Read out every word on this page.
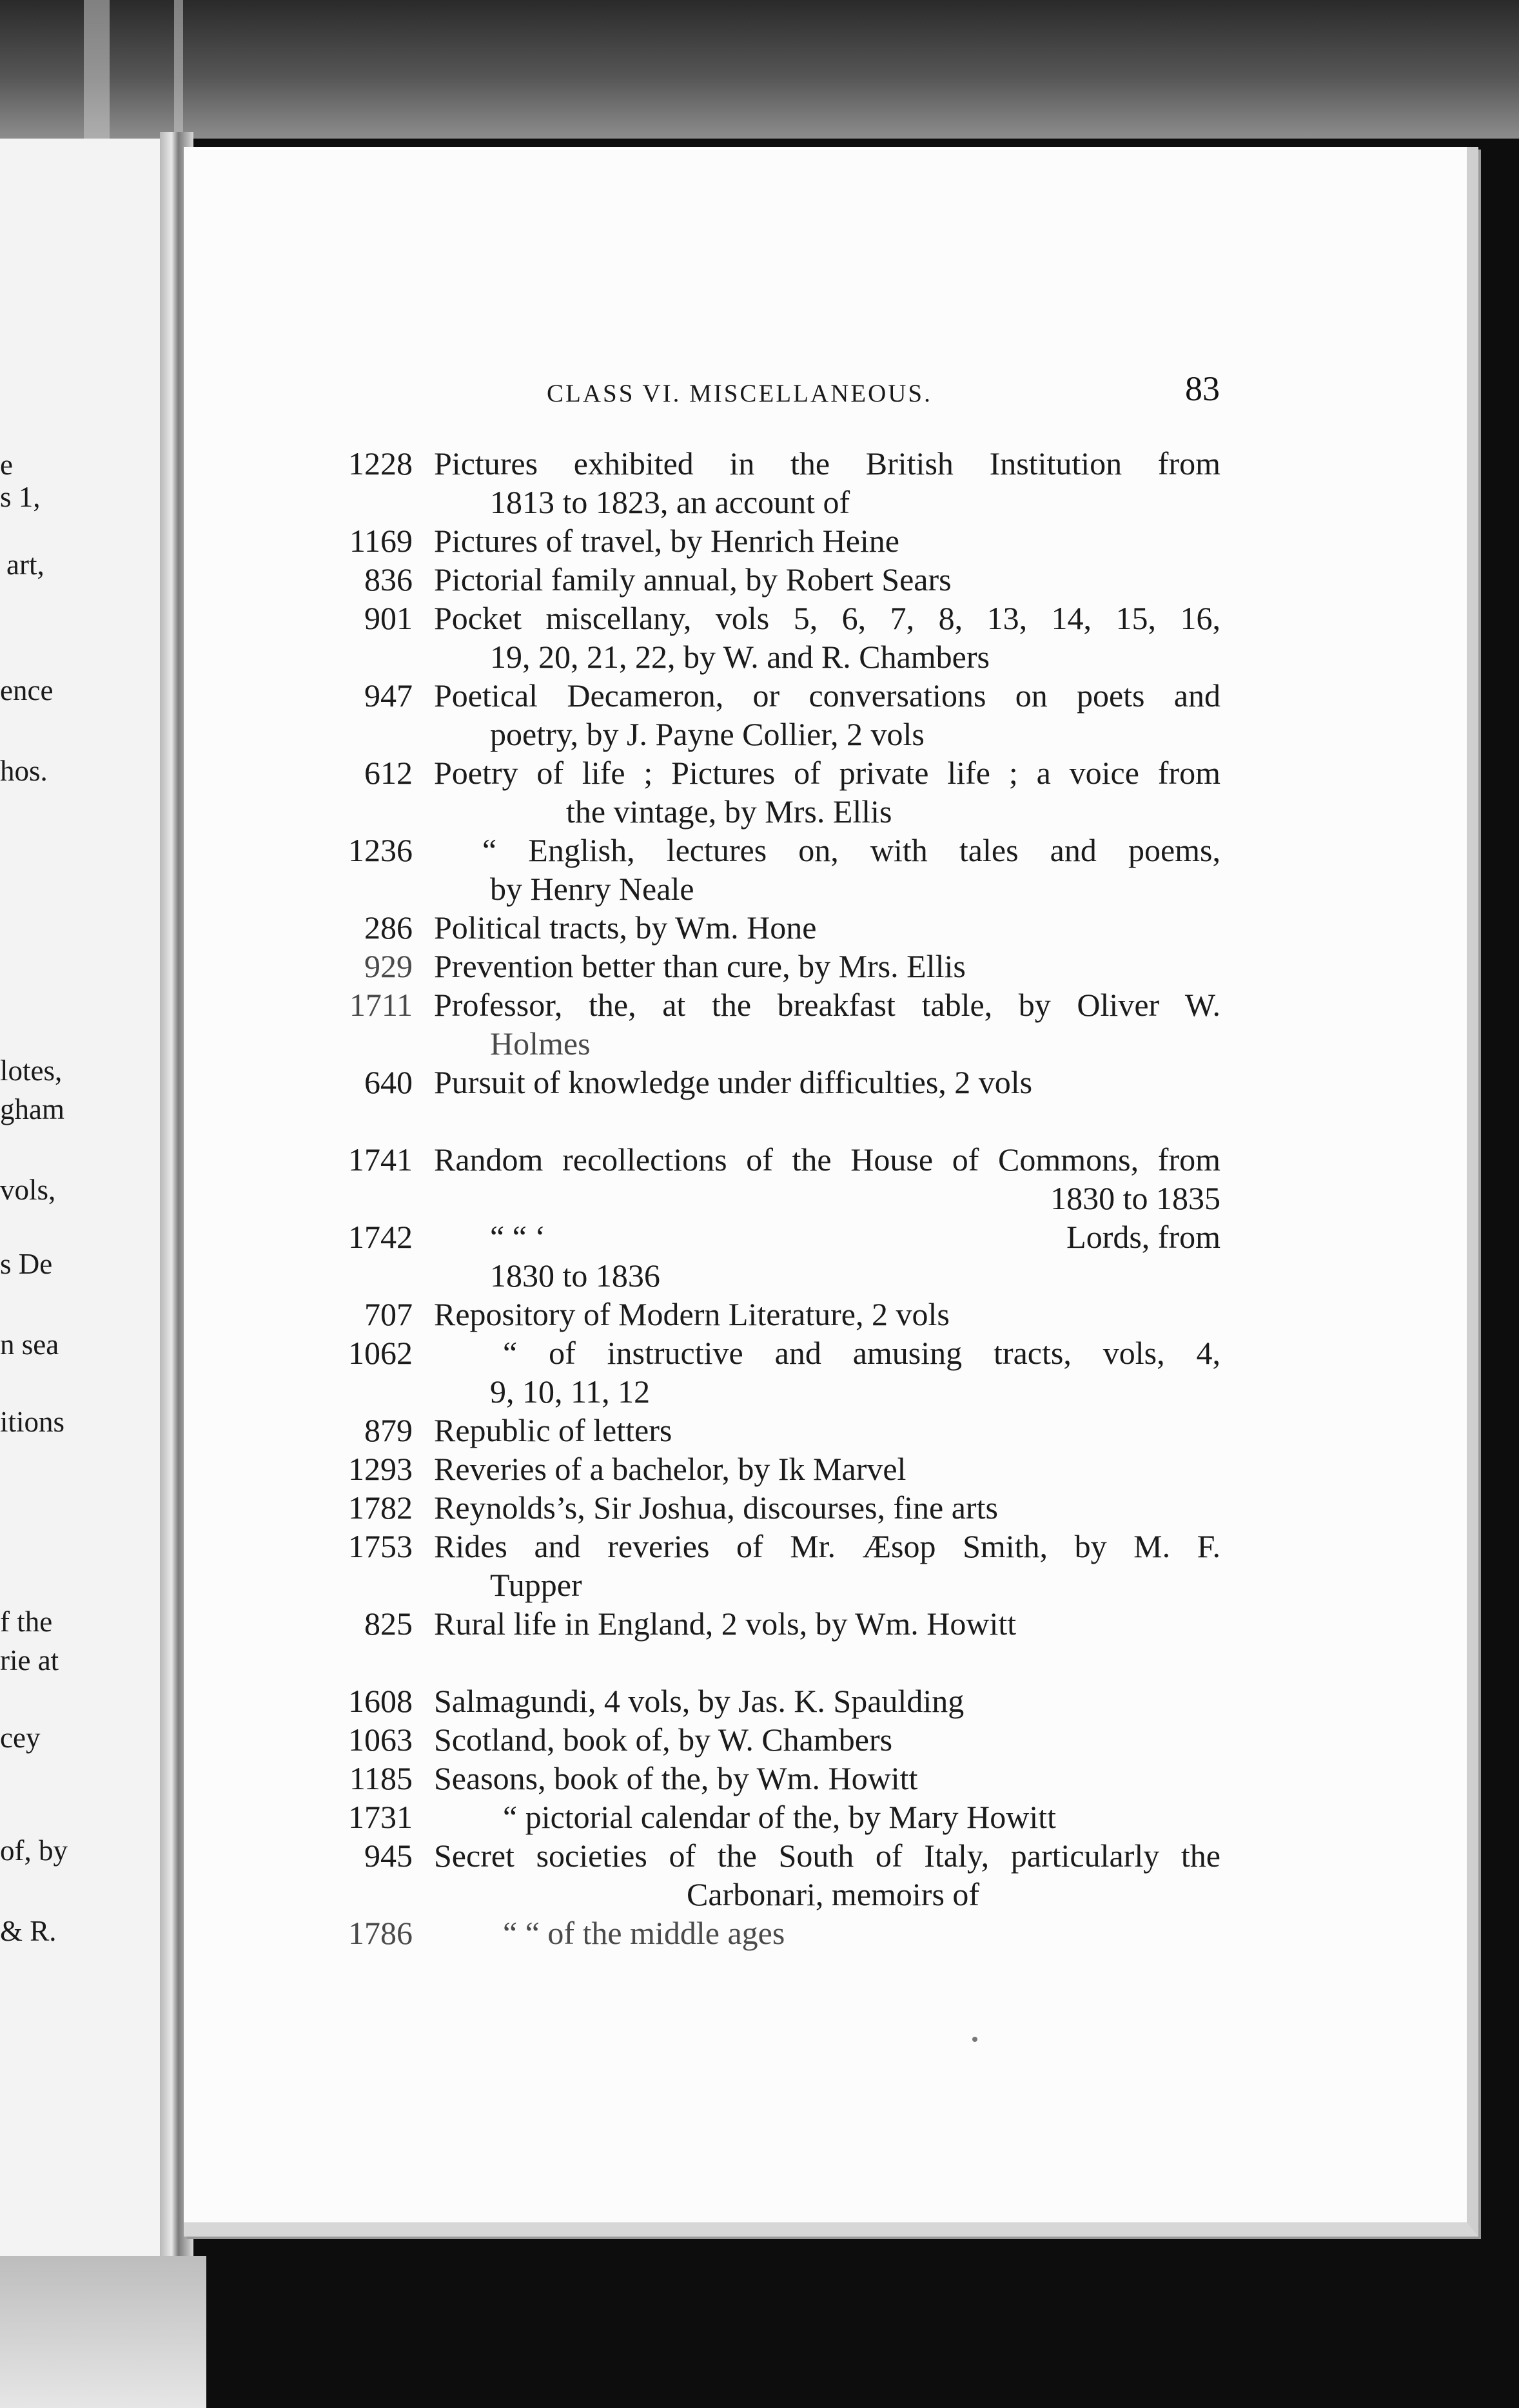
e
s 1,
art,
ence
hos.
lotes,
gham
vols,
s De
n sea
itions
f the
rie at
cey
of, by
& R.
CLASS VI. MISCELLANEOUS.	83
1228 Pictures exhibited in the British Institution from
1813 to 1823, an account of
1169 Pictures of travel, by Henrich Heine
836 Pictorial family annual, by Robert Sears
901 Pocket miscellany, vols 5, 6, 7, 8, 13, 14, 15, 16,
19, 20, 21, 22, by W. and R. Chambers
947 Poetical Decameron, or conversations on poets and
poetry, by J. Payne Collier, 2 vols
612 Poetry of life ; Pictures of private life ; a voice from
the vintage, by Mrs. Ellis
1236 “ English, lectures on, with tales and poems,
by Henry Neale
286 Political tracts, by Wm. Hone
929 Prevention better than cure, by Mrs. Ellis
1711 Professor, the, at the breakfast table, by Oliver W.
Holmes
640 Pursuit of knowledge under difficulties, 2 vols
1741 Random recollections of the House of Commons, from
1830 to 1835
1742 “ “ ‘	Lords, from
1830 to 1836
707 Repository of Modern Literature, 2 vols
1062	“ of instructive and amusing tracts, vols, 4,
9, 10, 11, 12
879 Republic of letters
1293 Reveries of a bachelor, by Ik Marvel
1782 Reynolds’s, Sir Joshua, discourses, fine arts
1753 Rides and reveries of Mr. Æsop Smith, by M. F.
Tupper
825 Rural life in England, 2 vols, by Wm. Howitt
1608 Salmagundi, 4 vols, by Jas. K. Spaulding
1063 Scotland, book of, by W. Chambers
1185 Seasons, book of the, by Wm. Howitt
1731	“ pictorial calendar of the, by Mary Howitt
945 Secret societies of the South of Italy, particularly the
Carbonari, memoirs of
1786	“ “ of the middle ages
